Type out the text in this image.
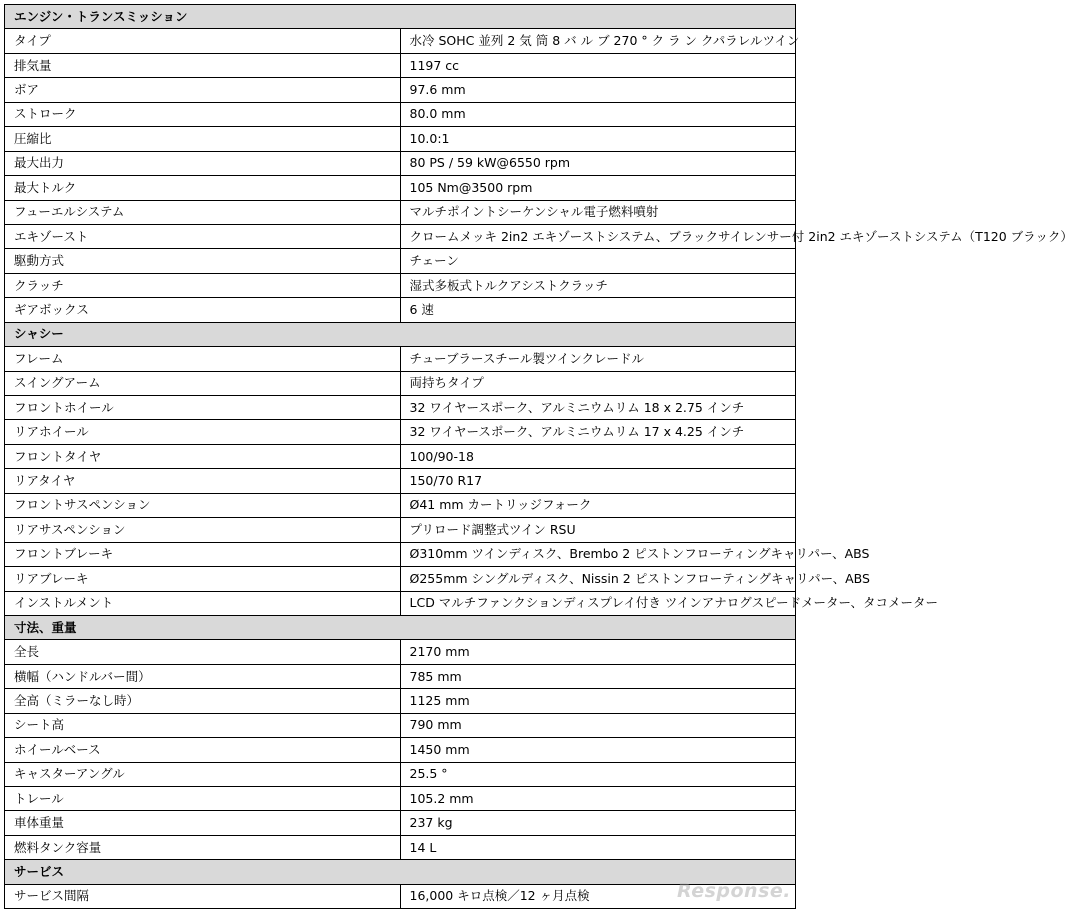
エンジン・トランスミッション	
タイプ	水冷 SOHC 並列 2 気 筒 8 バ ル ブ 270 ° ク ラ ン クパラレルツイン
排気量	1197 cc
ボア	97.6 mm
ストローク	80.0 mm
圧縮比	10.0:1
最大出力	80 PS / 59 kW@6550 rpm
最大トルク	105 Nm@3500 rpm
フューエルシステム	マルチポイントシーケンシャル電子燃料噴射
エキゾースト	クロームメッキ 2in2 エキゾーストシステム、ブラックサイレンサー付 2in2 エキゾーストシステム（T120 ブラック）
駆動方式	チェーン
クラッチ	湿式多板式トルクアシストクラッチ
ギアボックス	6 速
シャシー	
フレーム	チューブラースチール製ツインクレードル
スイングアーム	両持ちタイプ
フロントホイール	32 ワイヤースポーク、アルミニウムリム 18 x 2.75 インチ
リアホイール	32 ワイヤースポーク、アルミニウムリム 17 x 4.25 インチ
フロントタイヤ	100/90-18
リアタイヤ	150/70 R17
フロントサスペンション	Ø41 mm カートリッジフォーク
リアサスペンション	プリロード調整式ツイン RSU
フロントブレーキ	Ø310mm ツインディスク、Brembo 2 ピストンフローティングキャリパー、ABS
リアブレーキ	Ø255mm シングルディスク、Nissin 2 ピストンフローティングキャリパー、ABS
インストルメント	LCD マルチファンクションディスプレイ付き ツインアナログスピードメーター、タコメーター
寸法、重量	
全長	2170 mm
横幅（ハンドルバー間）	785 mm
全高（ミラーなし時）	1125 mm
シート高	790 mm
ホイールベース	1450 mm
キャスターアングル	25.5 °
トレール	105.2 mm
車体重量	237 kg
燃料タンク容量	14 L
サービス	
サービス間隔	16,000 キロ点検／12 ヶ月点検	Response.
